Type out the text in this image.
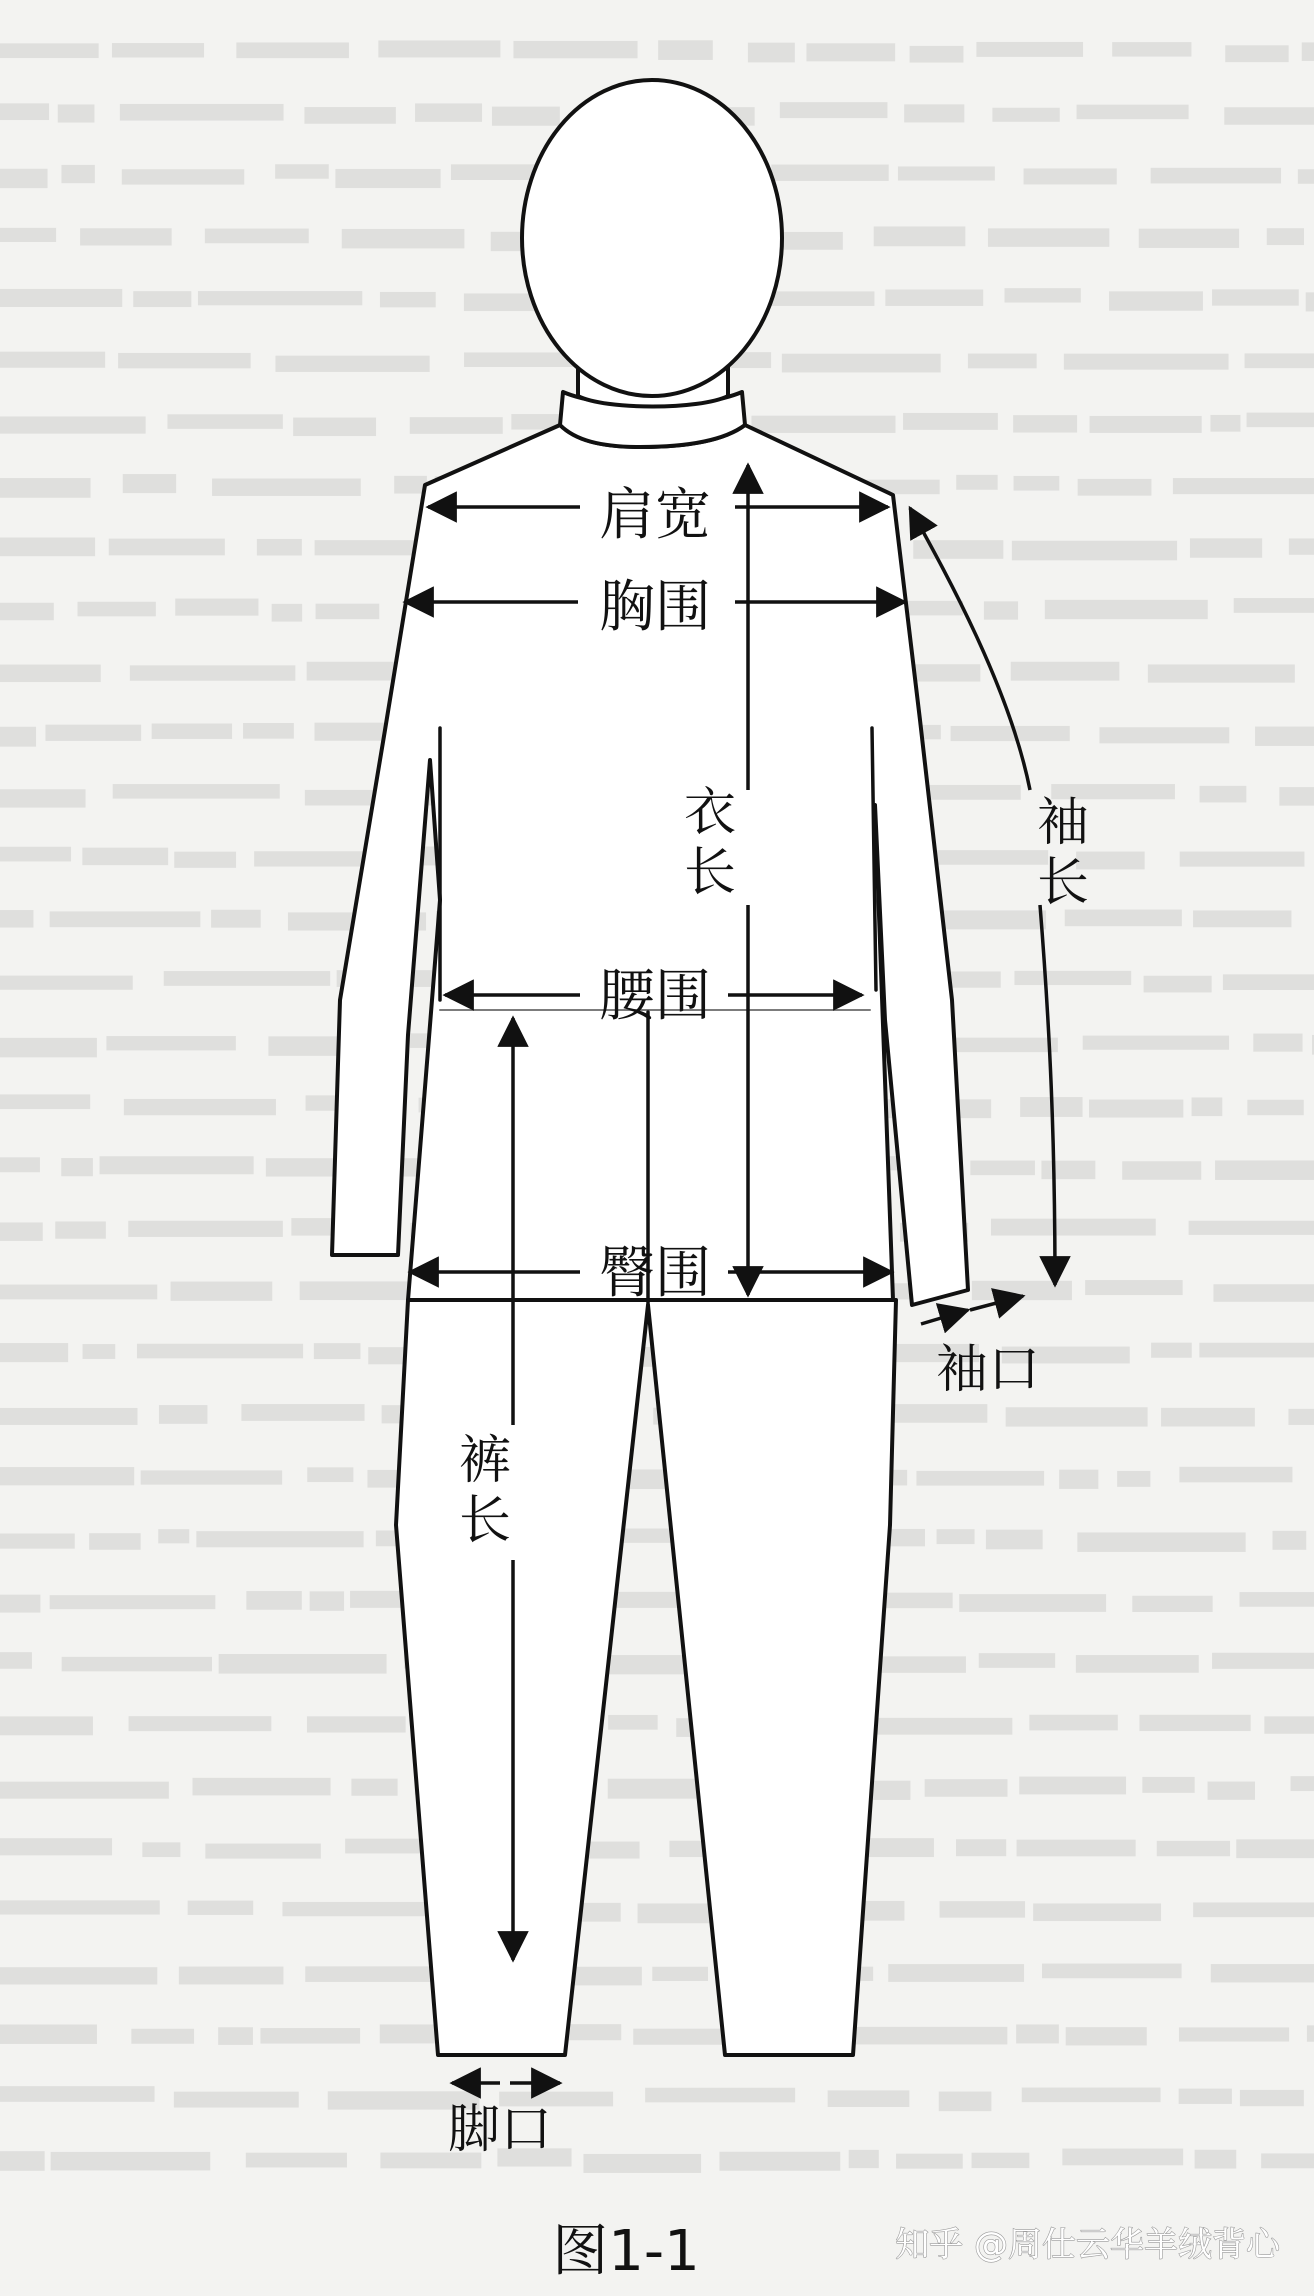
肩宽
胸围
腰围
臀围
衣
长
袖
长
袖口
裤
长
脚口
图1-1	知乎 @周仕云华羊绒背心
